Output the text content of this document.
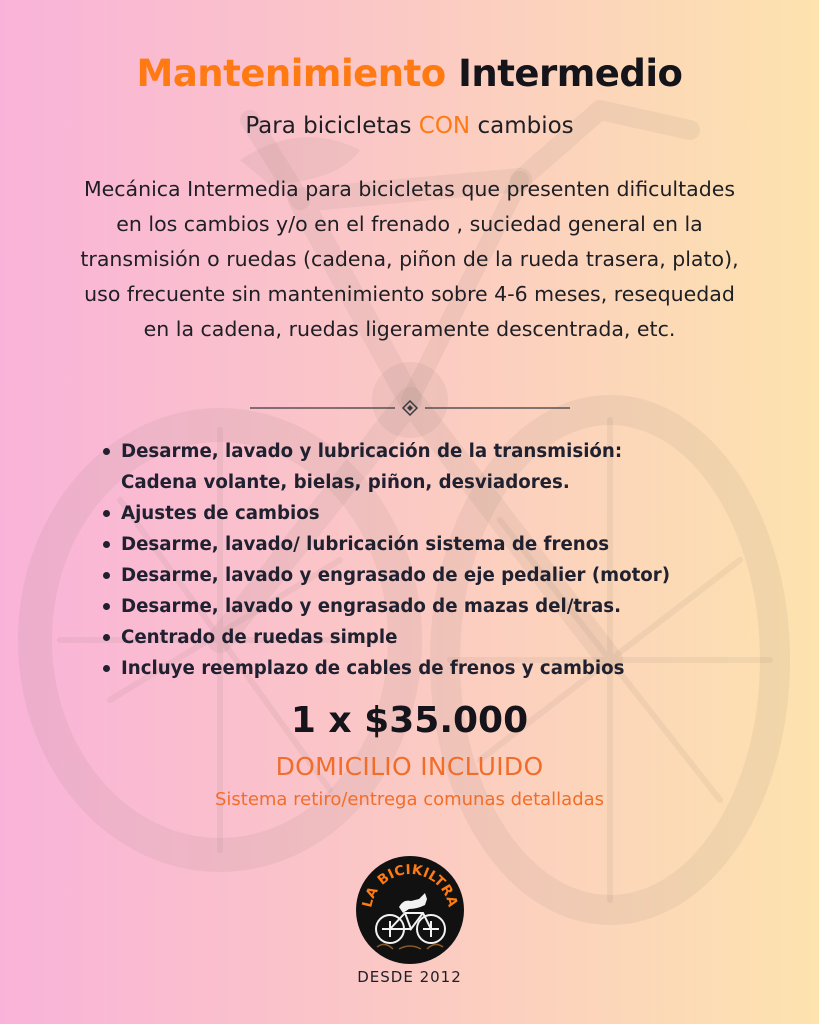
Mantenimiento Intermedio

Para bicicletas CON cambios

Mecánica Intermedia para bicicletas que presenten dificultades en los cambios y/o en el frenado , suciedad general en la transmisión o ruedas (cadena, piñon de la rueda trasera, plato), uso frecuente sin mantenimiento sobre 4-6 meses, resequedad en la cadena, ruedas ligeramente descentrada, etc.

Desarme, lavado y lubricación de la transmisión:
Cadena volante, bielas, piñon, desviadores.
Ajustes de cambios
Desarme, lavado/ lubricación sistema de frenos
Desarme, lavado y engrasado de eje pedalier (motor)
Desarme, lavado y engrasado de mazas del/tras.
Centrado de ruedas simple
Incluye reemplazo de cables de frenos y cambios

1 x $35.000

DOMICILIO INCLUIDO

Sistema retiro/entrega comunas detalladas

LA BICIKILTRA

DESDE 2012
